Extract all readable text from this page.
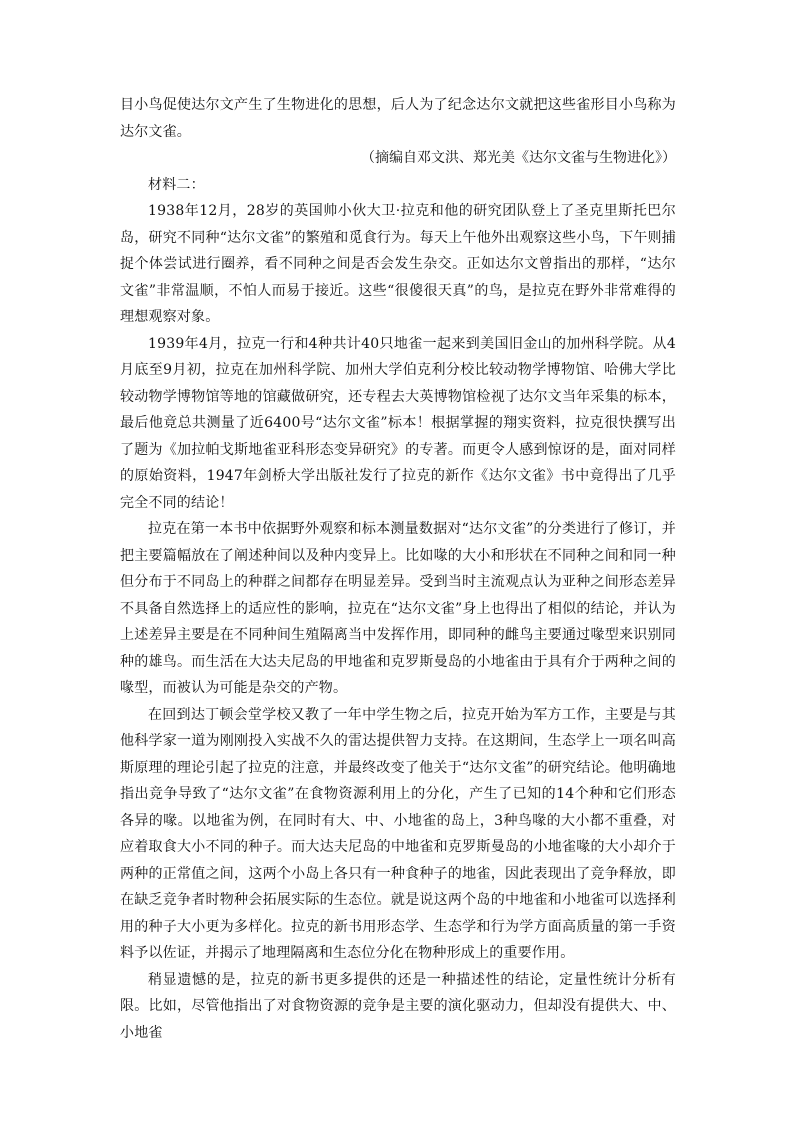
目小鸟促使达尔文产生了生物进化的思想，后人为了纪念达尔文就把这些雀形目小鸟称为达尔文雀。

（摘编自邓文洪、郑光美《达尔文雀与生物进化》）

材料二：

1938年12月，28岁的英国帅小伙大卫·拉克和他的研究团队登上了圣克里斯托巴尔岛，研究不同种“达尔文雀”的繁殖和觅食行为。每天上午他外出观察这些小鸟，下午则捕捉个体尝试进行圈养，看不同种之间是否会发生杂交。正如达尔文曾指出的那样，“达尔文雀”非常温顺，不怕人而易于接近。这些“很傻很天真”的鸟，是拉克在野外非常难得的理想观察对象。

1939年4月，拉克一行和4种共计40只地雀一起来到美国旧金山的加州科学院。从4月底至9月初，拉克在加州科学院、加州大学伯克利分校比较动物学博物馆、哈佛大学比较动物学博物馆等地的馆藏做研究，还专程去大英博物馆检视了达尔文当年采集的标本，最后他竟总共测量了近6400号“达尔文雀”标本！根据掌握的翔实资料，拉克很快撰写出了题为《加拉帕戈斯地雀亚科形态变异研究》的专著。而更令人感到惊讶的是，面对同样的原始资料，1947年剑桥大学出版社发行了拉克的新作《达尔文雀》书中竟得出了几乎完全不同的结论！

拉克在第一本书中依据野外观察和标本测量数据对“达尔文雀”的分类进行了修订，并把主要篇幅放在了阐述种间以及种内变异上。比如喙的大小和形状在不同种之间和同一种但分布于不同岛上的种群之间都存在明显差异。受到当时主流观点认为亚种之间形态差异不具备自然选择上的适应性的影响，拉克在“达尔文雀”身上也得出了相似的结论，并认为上述差异主要是在不同种间生殖隔离当中发挥作用，即同种的雌鸟主要通过喙型来识别同种的雄鸟。而生活在大达夫尼岛的甲地雀和克罗斯曼岛的小地雀由于具有介于两种之间的喙型，而被认为可能是杂交的产物。

在回到达丁顿会堂学校又教了一年中学生物之后，拉克开始为军方工作，主要是与其他科学家一道为刚刚投入实战不久的雷达提供智力支持。在这期间，生态学上一项名叫高斯原理的理论引起了拉克的注意，并最终改变了他关于“达尔文雀”的研究结论。他明确地指出竞争导致了“达尔文雀”在食物资源利用上的分化，产生了已知的14个种和它们形态各异的喙。以地雀为例，在同时有大、中、小地雀的岛上，3种鸟喙的大小都不重叠，对应着取食大小不同的种子。而大达夫尼岛的中地雀和克罗斯曼岛的小地雀喙的大小却介于两种的正常值之间，这两个小岛上各只有一种食种子的地雀，因此表现出了竞争释放，即在缺乏竞争者时物种会拓展实际的生态位。就是说这两个岛的中地雀和小地雀可以选择利用的种子大小更为多样化。拉克的新书用形态学、生态学和行为学方面高质量的第一手资料予以佐证，并揭示了地理隔离和生态位分化在物种形成上的重要作用。

稍显遗憾的是，拉克的新书更多提供的还是一种描述性的结论，定量性统计分析有限。比如，尽管他指出了对食物资源的竞争是主要的演化驱动力，但却没有提供大、中、小地雀
